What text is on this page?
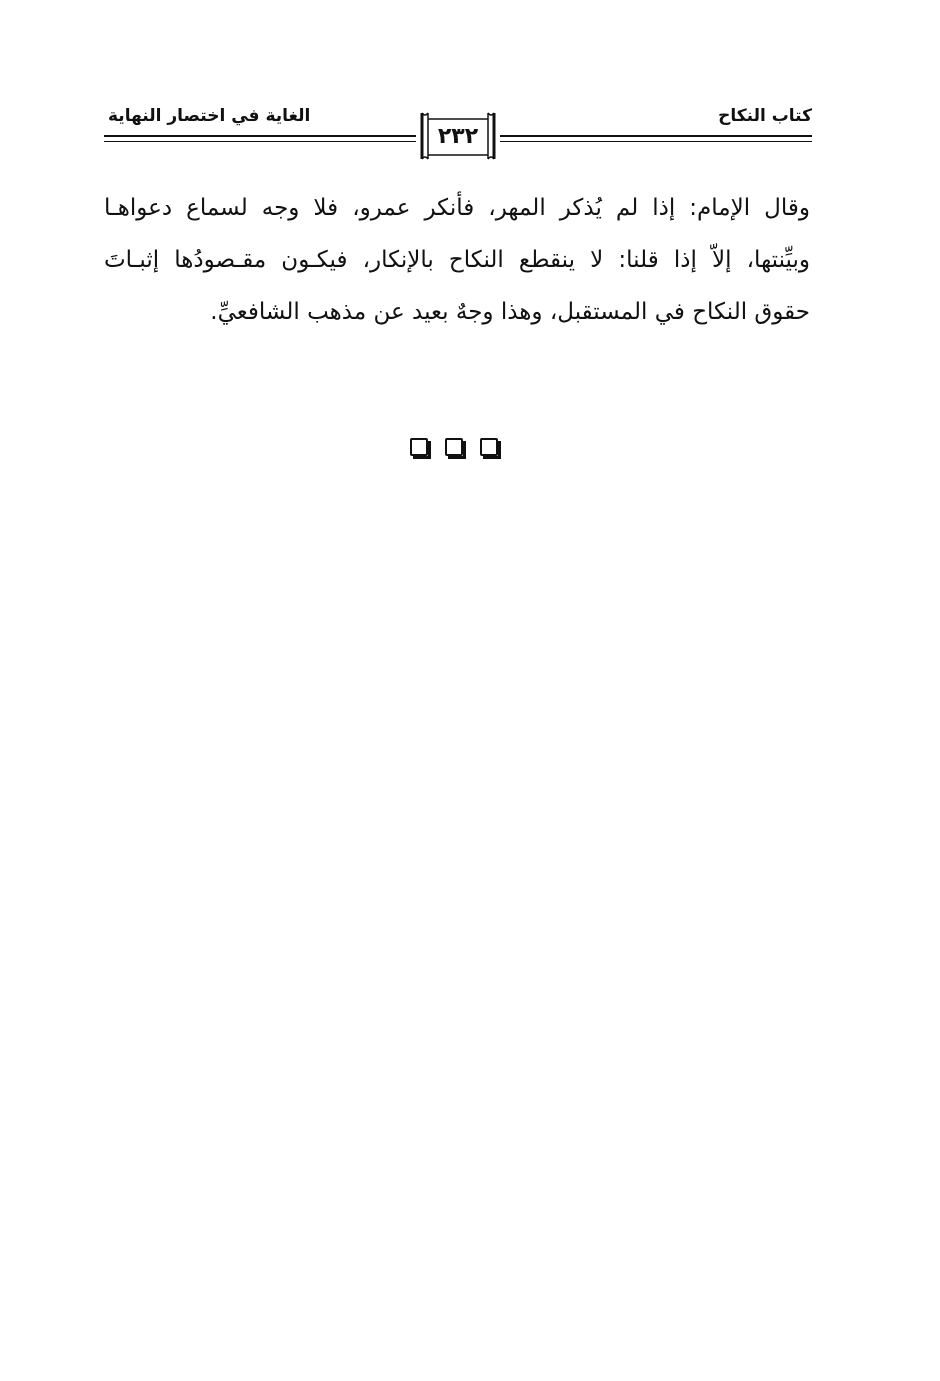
كتاب النكاح
الغاية في اختصار النهاية
٢٣٢
وقال الإمام: إذا لم يُذكر المهر، فأنكر عمرو، فلا وجه لسماع دعواهـا
وبيِّنتها، إلاّ إذا قلنا: لا ينقطع النكاح بالإنكار، فيكـون مقـصودُها إثبـاتَ
حقوق النكاح في المستقبل، وهذا وجهٌ بعيد عن مذهب الشافعيِّ.
